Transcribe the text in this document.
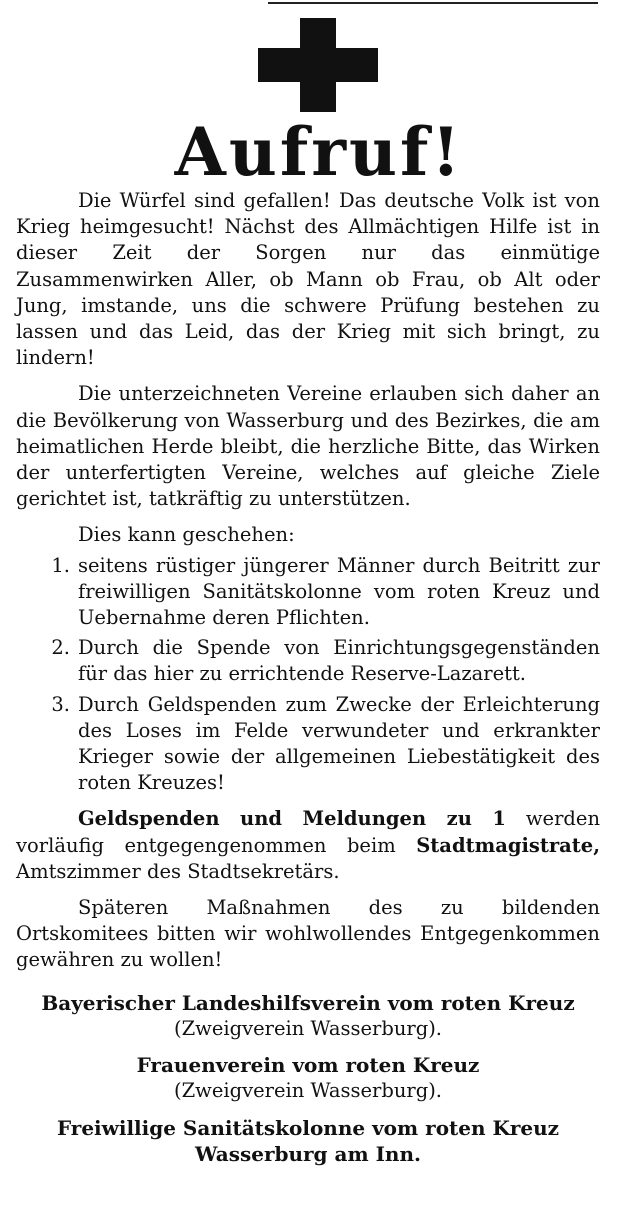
Aufruf!

Die Würfel sind gefallen! Das deutsche Volk ist von Krieg heimgesucht! Nächst des Allmächtigen Hilfe ist in dieser Zeit der Sorgen nur das einmütige Zusammenwirken Aller, ob Mann ob Frau, ob Alt oder Jung, imstande, uns die schwere Prüfung bestehen zu lassen und das Leid, das der Krieg mit sich bringt, zu lindern!

Die unterzeichneten Vereine erlauben sich daher an die Bevölkerung von Wasserburg und des Bezirkes, die am heimatlichen Herde bleibt, die herzliche Bitte, das Wirken der unterfertigten Vereine, welches auf gleiche Ziele gerichtet ist, tatkräftig zu unterstützen.

Dies kann geschehen:

1. seitens rüstiger jüngerer Männer durch Beitritt zur freiwilligen Sanitätskolonne vom roten Kreuz und Uebernahme deren Pflichten.
2. Durch die Spende von Einrichtungsgegenständen für das hier zu errichtende Reserve-Lazarett.
3. Durch Geldspenden zum Zwecke der Erleichterung des Loses im Felde verwundeter und erkrankter Krieger sowie der allgemeinen Liebestätigkeit des roten Kreuzes!

Geldspenden und Meldungen zu 1 werden vorläufig entgegengenommen beim Stadtmagistrate, Amtszimmer des Stadtsekretärs.

Späteren Maßnahmen des zu bildenden Ortskomitees bitten wir wohlwollendes Entgegenkommen gewähren zu wollen!

Bayerischer Landeshilfsverein vom roten Kreuz

(Zweigverein Wasserburg).

Frauenverein vom roten Kreuz

(Zweigverein Wasserburg).

Freiwillige Sanitätskolonne vom roten Kreuz

Wasserburg am Inn.
